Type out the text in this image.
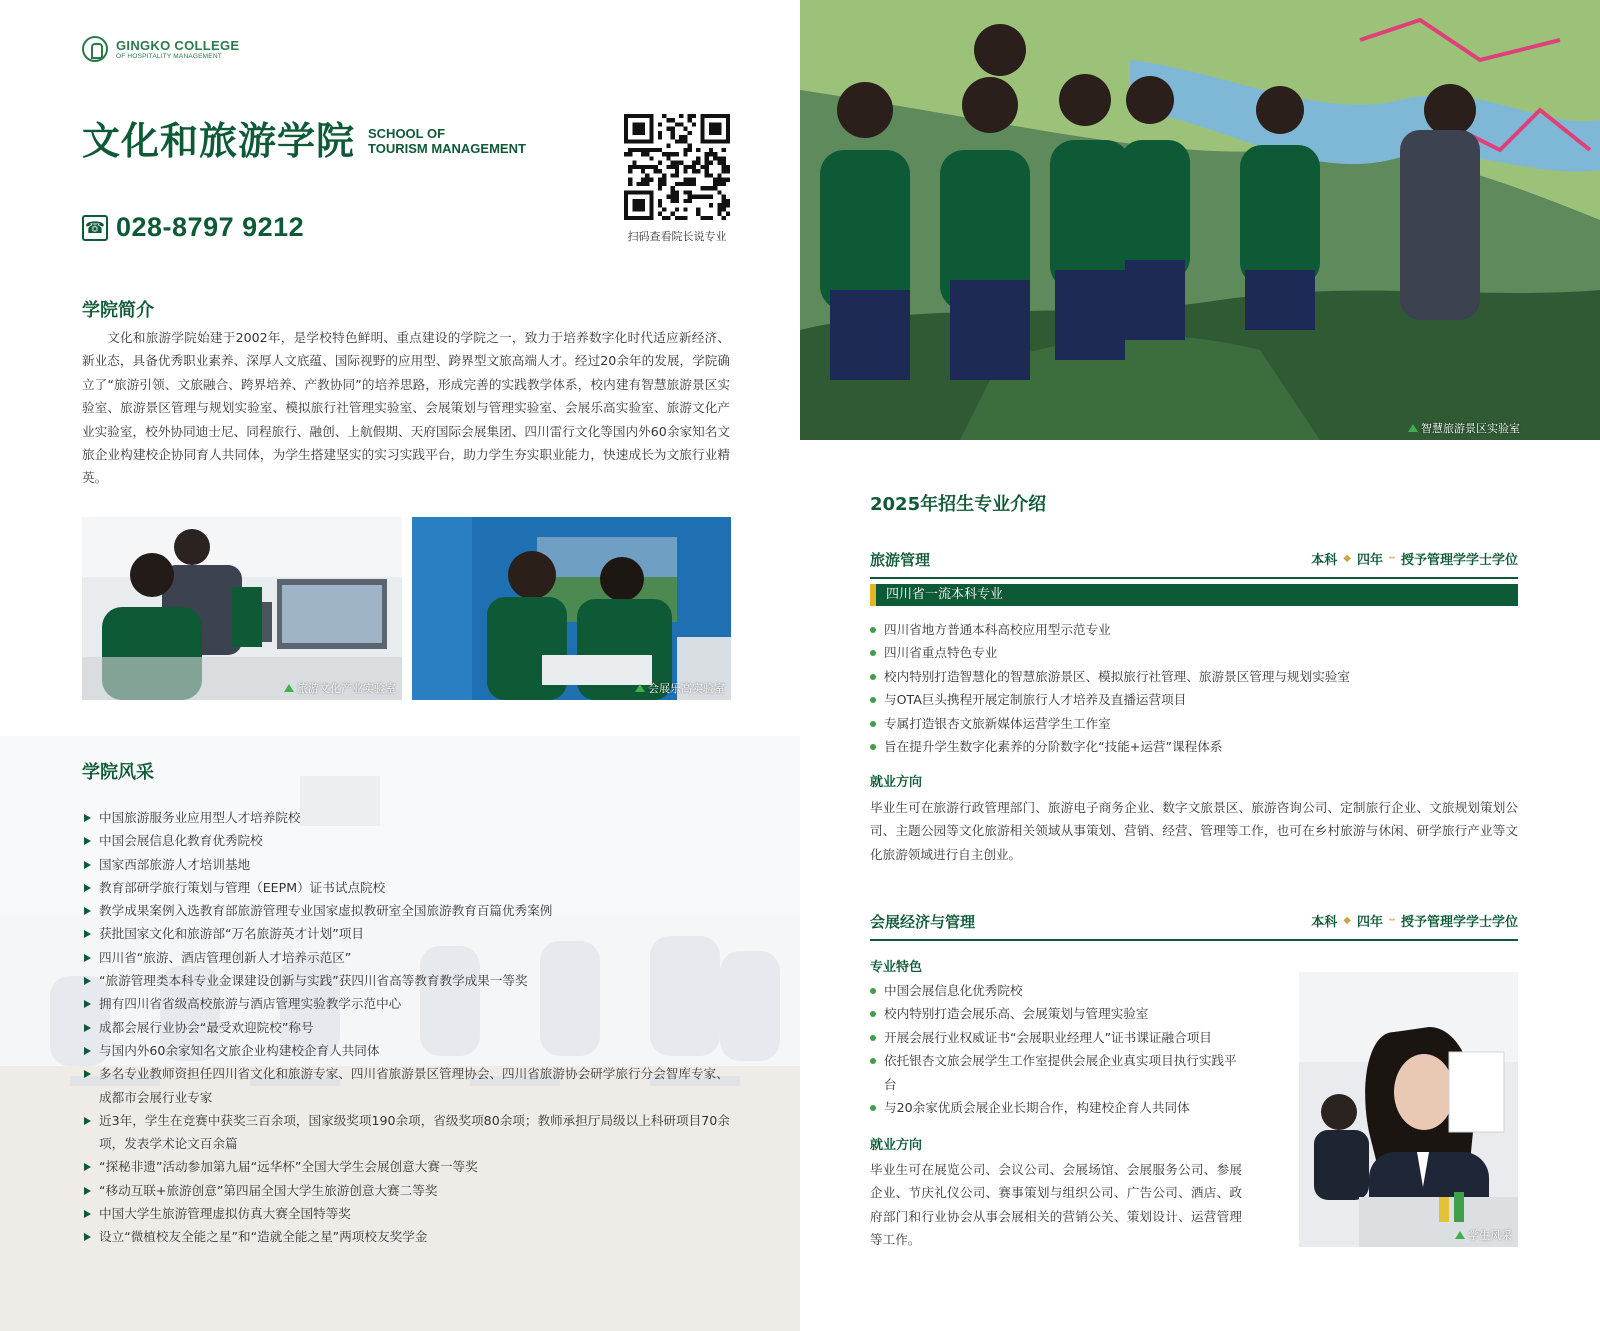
GINGKO COLLEGE
OF HOSPITALITY MANAGEMENT
文化和旅游学院 SCHOOL OF
TOURISM MANAGEMENT
☎ 028-8797 9212	扫码查看院长说专业
学院简介
文化和旅游学院始建于2002年，是学校特色鲜明、重点建设的学院之一，致力于培养数字化时代适应新经济、新业态，具备优秀职业素养、深厚人文底蕴、国际视野的应用型、跨界型文旅高端人才。经过20余年的发展，学院确立了“旅游引领、文旅融合、跨界培养、产教协同”的培养思路，形成完善的实践教学体系，校内建有智慧旅游景区实验室、旅游景区管理与规划实验室、模拟旅行社管理实验室、会展策划与管理实验室、会展乐高实验室、旅游文化产业实验室，校外协同迪士尼、同程旅行、融创、上航假期、天府国际会展集团、四川雷行文化等国内外60余家知名文旅企业构建校企协同育人共同体，为学生搭建坚实的实习实践平台，助力学生夯实职业能力，快速成长为文旅行业精英。
旅游文化产业实验室	会展乐高实验室
学院风采
中国旅游服务业应用型人才培养院校
中国会展信息化教育优秀院校
国家西部旅游人才培训基地
教育部研学旅行策划与管理（EEPM）证书试点院校
教学成果案例入选教育部旅游管理专业国家虚拟教研室全国旅游教育百篇优秀案例
获批国家文化和旅游部“万名旅游英才计划”项目
四川省“旅游、酒店管理创新人才培养示范区”
“旅游管理类本科专业金课建设创新与实践”获四川省高等教育教学成果一等奖
拥有四川省省级高校旅游与酒店管理实验教学示范中心
成都会展行业协会“最受欢迎院校”称号
与国内外60余家知名文旅企业构建校企育人共同体
多名专业教师资担任四川省文化和旅游专家、四川省旅游景区管理协会、四川省旅游协会研学旅行分会智库专家、成都市会展行业专家
近3年，学生在竞赛中获奖三百余项，国家级奖项190余项，省级奖项80余项；教师承担厅局级以上科研项目70余项，发表学术论文百余篇
“探秘非遗”活动参加第九届“远华杯”全国大学生会展创意大赛一等奖
“移动互联+旅游创意”第四届全国大学生旅游创意大赛二等奖
中国大学生旅游管理虚拟仿真大赛全国特等奖
设立“微植校友全能之星”和“造就全能之星”两项校友奖学金
智慧旅游景区实验室
2025年招生专业介绍
旅游管理	本科 ◆ 四年 ┅ 授予管理学学士学位
四川省一流本科专业
四川省地方普通本科高校应用型示范专业
四川省重点特色专业
校内特别打造智慧化的智慧旅游景区、模拟旅行社管理、旅游景区管理与规划实验室
与OTA巨头携程开展定制旅行人才培养及直播运营项目
专属打造银杏文旅新媒体运营学生工作室
旨在提升学生数字化素养的分阶数字化“技能+运营”课程体系
就业方向
毕业生可在旅游行政管理部门、旅游电子商务企业、数字文旅景区、旅游咨询公司、定制旅行企业、文旅规划策划公司、主题公园等文化旅游相关领域从事策划、营销、经营、管理等工作，也可在乡村旅游与休闲、研学旅行产业等文化旅游领域进行自主创业。
会展经济与管理	本科 ◆ 四年 ┅ 授予管理学学士学位
专业特色
中国会展信息化优秀院校
校内特别打造会展乐高、会展策划与管理实验室
开展会展行业权威证书“会展职业经理人”证书课证融合项目
依托银杏文旅会展学生工作室提供会展企业真实项目执行实践平台
与20余家优质会展企业长期合作，构建校企育人共同体
就业方向
毕业生可在展览公司、会议公司、会展场馆、会展服务公司、参展企业、节庆礼仪公司、赛事策划与组织公司、广告公司、酒店、政府部门和行业协会从事会展相关的营销公关、策划设计、运营管理等工作。	学生风采
